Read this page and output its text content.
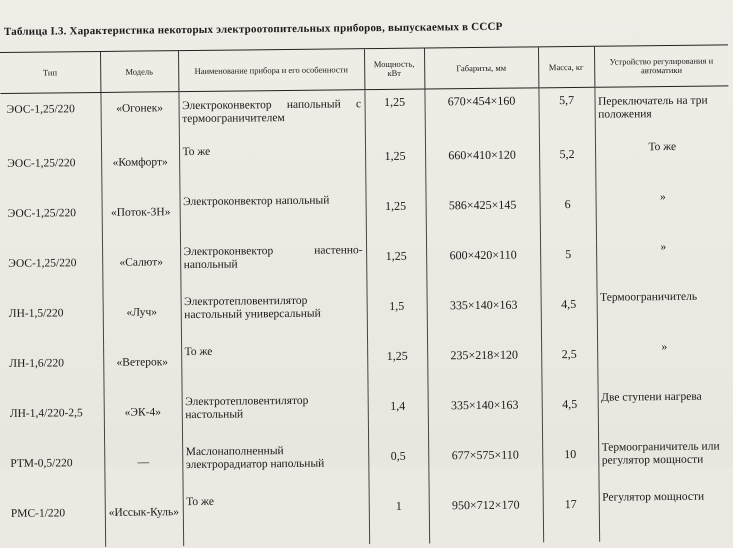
Таблица I.3. Характеристика некоторых электроотопительных приборов, выпускаемых в СССР
Тип	Модель	Наименование прибора и его особенности	Мощность, кВт	Габариты, мм	Масса, кг	Устройство регулирования и автоматики
ЭОС-1,25/220	«Огонек»	Электроконвектор напольный с термоограничителем	1,25	670×454×160	5,7	Переключатель на три положения
ЭОС-1,25/220	«Комфорт»	То же	1,25	660×410×120	5,2	То же
ЭОС-1,25/220	«Поток-3Н»	Электроконвектор напольный	1,25	586×425×145	6	»
ЭОС-1,25/220	«Салют»	Электроконвектор настенно-напольный	1,25	600×420×110	5	»
ЛН-1,5/220	«Луч»	Электротепловентилятор настольный универсальный	1,5	335×140×163	4,5	Термоограничитель
ЛН-1,6/220	«Ветерок»	То же	1,25	235×218×120	2,5	»
ЛН-1,4/220-2,5	«ЭК-4»	Электротепловентилятор настольный	1,4	335×140×163	4,5	Две ступени нагрева
РТМ-0,5/220	—	Маслонаполненный электрорадиатор напольный	0,5	677×575×110	10	Термоограничитель или регулятор мощности
РМС-1/220	«Иссык-Куль»	То же	1	950×712×170	17	Регулятор мощности
